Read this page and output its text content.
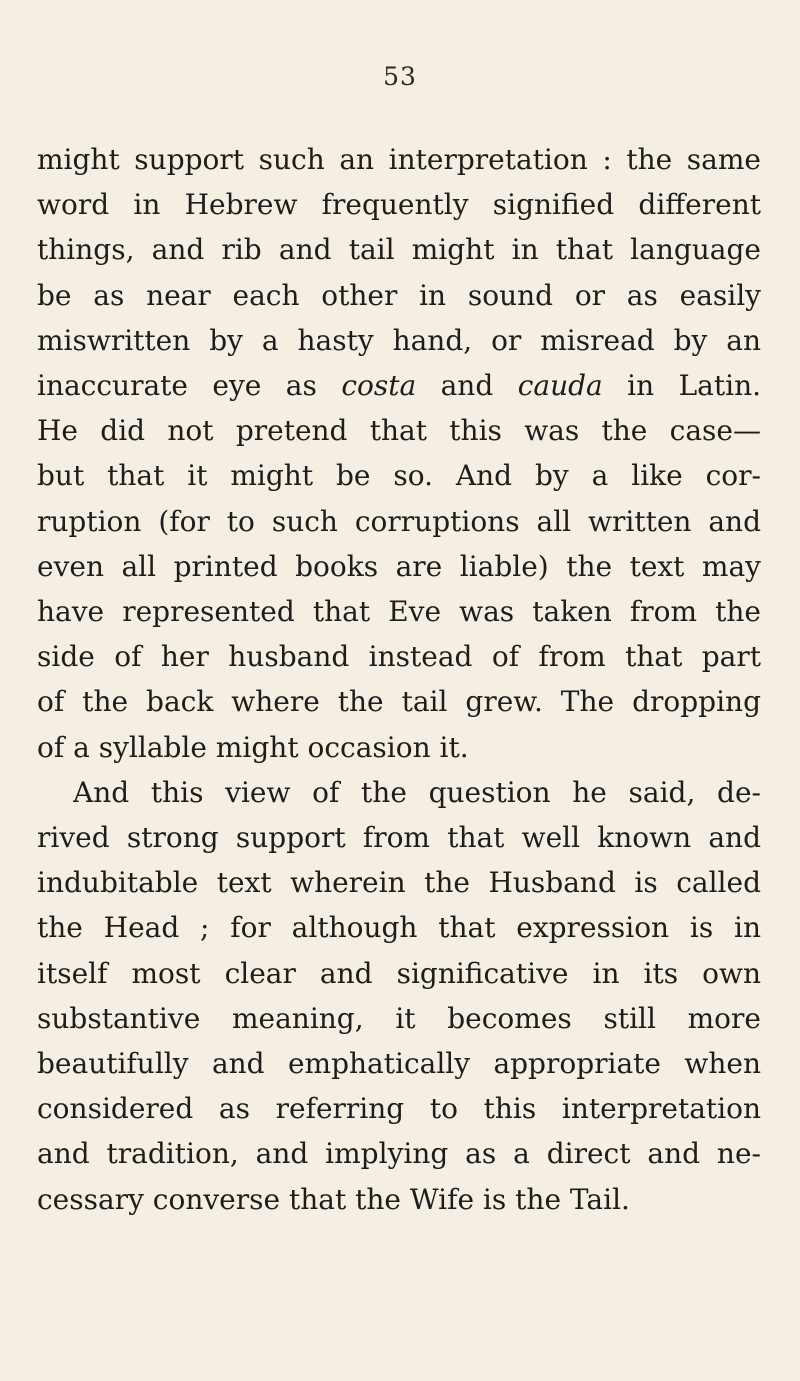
53
might support such an interpretation : the same
word in Hebrew frequently signified different
things, and rib and tail might in that language
be as near each other in sound or as easily
miswritten by a hasty hand, or misread by an
inaccurate eye as costa and cauda in Latin.
He did not pretend that this was the case—
but that it might be so. And by a like cor-
ruption (for to such corruptions all written and
even all printed books are liable) the text may
have represented that Eve was taken from the
side of her husband instead of from that part
of the back where the tail grew. The dropping
of a syllable might occasion it.
And this view of the question he said, de-
rived strong support from that well known and
indubitable text wherein the Husband is called
the Head ; for although that expression is in
itself most clear and significative in its own
substantive meaning, it becomes still more
beautifully and emphatically appropriate when
considered as referring to this interpretation
and tradition, and implying as a direct and ne-
cessary converse that the Wife is the Tail.
